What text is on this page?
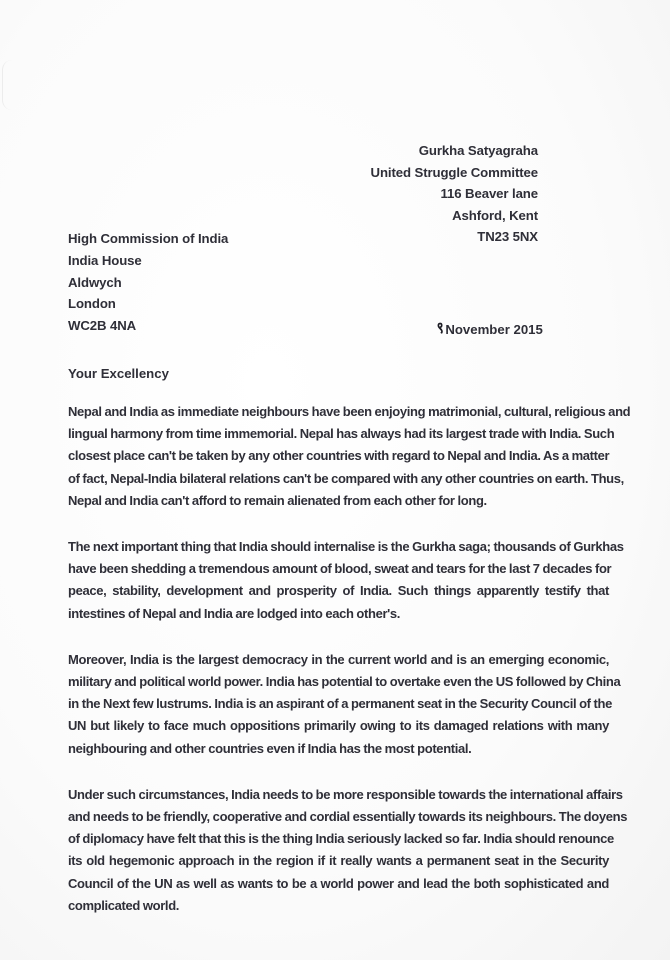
Gurkha Satyagraha
United Struggle Committee
116 Beaver lane
Ashford, Kent
TN23 5NX
High Commission of India
India House
Aldwych
London
WC2B 4NA	९ November 2015
Your Excellency
Nepal and India as immediate neighbours have been enjoying matrimonial, cultural, religious and
lingual harmony from time immemorial. Nepal has always had its largest trade with India. Such
closest place can't be taken by any other countries with regard to Nepal and India. As a matter
of fact, Nepal-India bilateral relations can't be compared with any other countries on earth. Thus,
Nepal and India can't afford to remain alienated from each other for long.
The next important thing that India should internalise is the Gurkha saga; thousands of Gurkhas
have been shedding a tremendous amount of blood, sweat and tears for the last 7 decades for
peace, stability, development and prosperity of India. Such things apparently testify that
intestines of Nepal and India are lodged into each other's.
Moreover, India is the largest democracy in the current world and is an emerging economic,
military and political world power. India has potential to overtake even the US followed by China
in the Next few lustrums. India is an aspirant of a permanent seat in the Security Council of the
UN but likely to face much oppositions primarily owing to its damaged relations with many
neighbouring and other countries even if India has the most potential.
Under such circumstances, India needs to be more responsible towards the international affairs
and needs to be friendly, cooperative and cordial essentially towards its neighbours. The doyens
of diplomacy have felt that this is the thing India seriously lacked so far. India should renounce
its old hegemonic approach in the region if it really wants a permanent seat in the Security
Council of the UN as well as wants to be a world power and lead the both sophisticated and
complicated world.
